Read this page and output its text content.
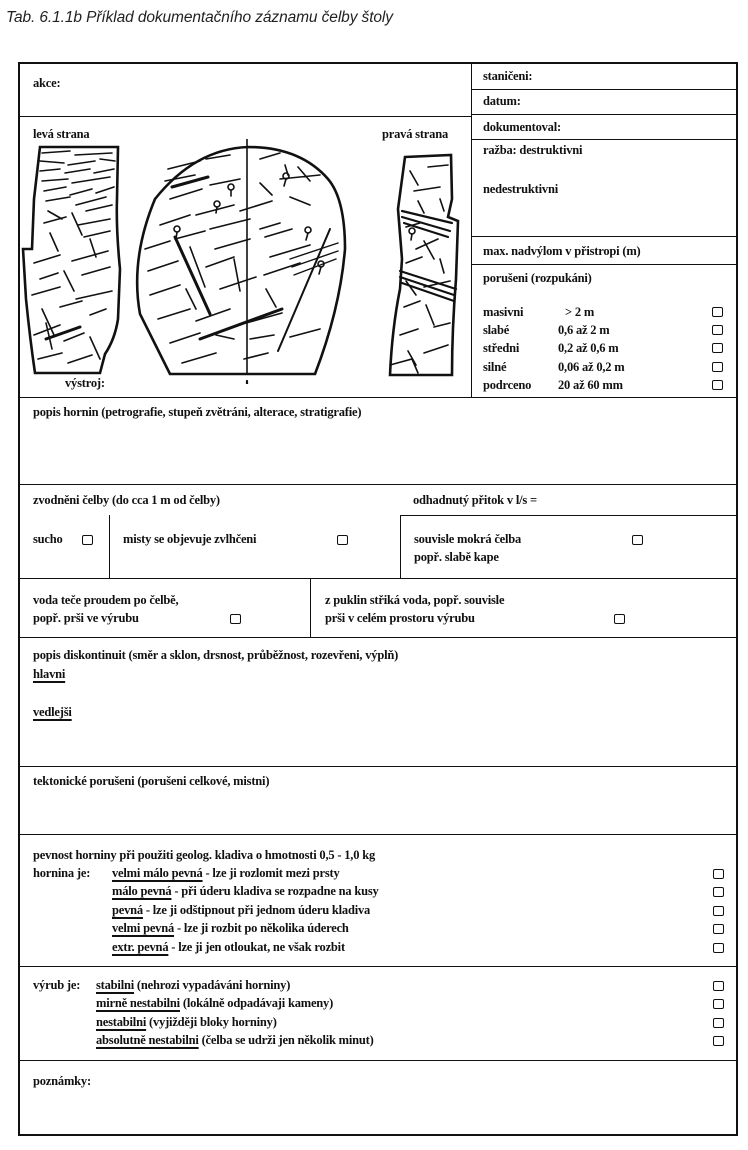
Tab. 6.1.1b Příklad dokumentačního záznamu čelby štoly
akce:	staničeni:
datum:
dokumentoval:
ražba: destruktivni
nedestruktivni
max. nadvýlom v přistropi (m)
porušeni (rozpukáni)
masivni	> 2 m
slabé	0,6 až 2 m
středni	0,2 až 0,6 m
silné	0,06 až 0,2 m
podrceno 20 až 60 mm
levá strana	pravá strana
výstroj:
popis hornin (petrografie, stupeň zvětráni, alterace, stratigrafie)
zvodněni čelby (do cca 1 m od čelby)	odhadnutý přitok v l/s =
sucho	misty se objevuje zvlhčeni	souvisle mokrá čelba
popř. slabě kape
voda teče proudem po čelbě,
popř. prši ve výrubu
z puklin střiká voda, popř. souvisle
prši v celém prostoru výrubu
popis diskontinuit (směr a sklon, drsnost, průběžnost, rozevřeni, výplň)
hlavni
vedlejši
tektonické porušeni (porušeni celkové, mistni)
pevnost horniny při použiti geolog. kladiva o hmotnosti 0,5 - 1,0 kg
hornina je: velmi málo pevná - lze ji rozlomit mezi prsty
málo pevná - při úderu kladiva se rozpadne na kusy
pevná - lze ji odštipnout při jednom úderu kladiva
velmi pevná - lze ji rozbit po několika úderech
extr. pevná - lze ji jen otloukat, ne však rozbit
výrub je: stabilni (nehrozi vypadáváni horniny)
mirně nestabilni (lokálně odpadávaji kameny)
nestabilni (vyjižději bloky horniny)
absolutně nestabilni (čelba se udrži jen několik minut)
poznámky:
